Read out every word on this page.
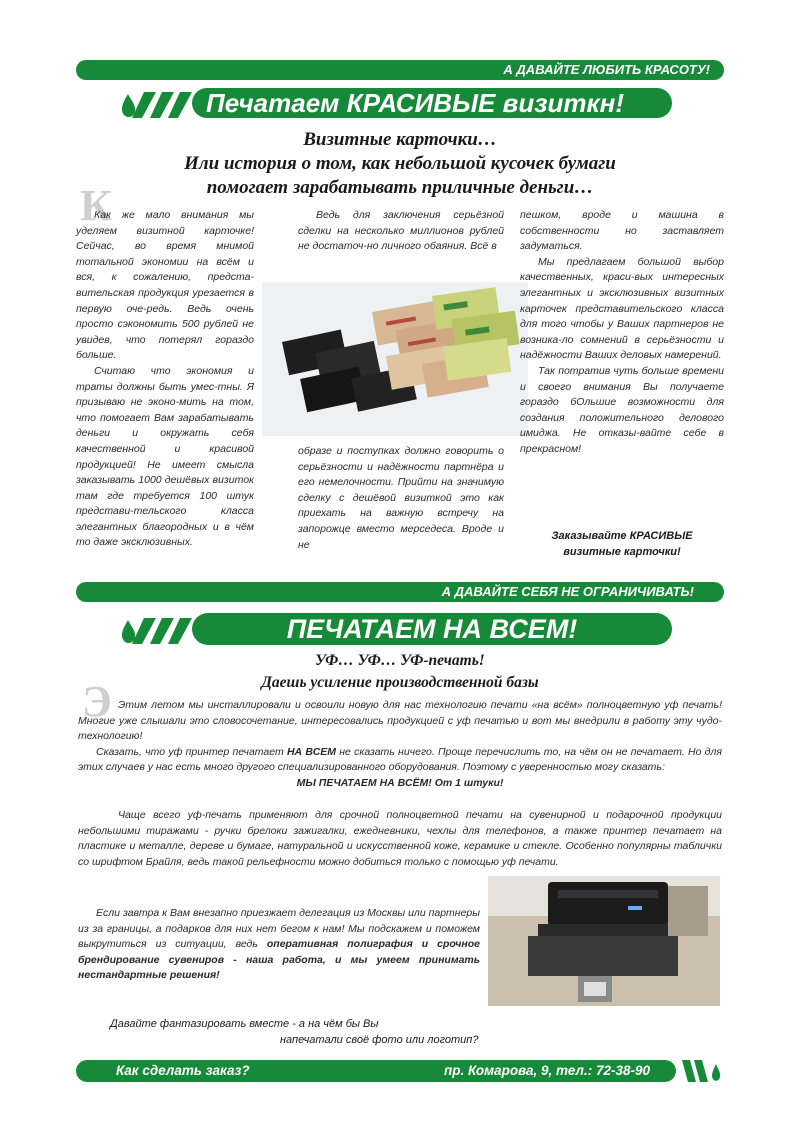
А ДАВАЙТЕ ЛЮБИТЬ КРАСОТУ!
Печатаем КРАСИВЫЕ визиткн!
Визитные карточки…
Или история о том, как небольшой кусочек бумаги
помогает зарабатывать приличные деньги…
К

Как же мало внимания мы уделяем визитной карточке! Сейчас, во время мнимой тотальной экономии на всём и вся, к сожалению, предста-вительская продукция урезается в первую оче-редь. Ведь очень просто сэкономить 500 рублей не увидев, что потерял гораздо больше.

Считаю что экономия и траты должны быть умес-тны. Я призываю не эконо-мить на том, что помогает Вам зарабатывать деньги и окружать себя качественной и красивой продукцией! Не имеет смысла заказывать 1000 дешёвых визиток там где требуется 100 штук представи-тельского класса элегантных благородных и в чём то даже эксклюзивных.

Ведь для заключения серьёзной сделки на несколько миллионов рублей не достаточ-но личного обаяния. Всё в

образе и поступках должно говорить о серьёзности и надёжности партнёра и его немелочности. Прийти на значимую сделку с дешёвой визиткой это как приехать на важную встречу на запорожце вместо мерседеса. Вроде и не

пешком, вроде и машина в собственности но заставляет задуматься.

Мы предлагаем большой выбор качественных, краси-вых интересных элегантных и эксклюзивных визитных карточек представительского класса для того чтобы у Ваших партнеров не возника-ло сомнений в серьёзности и надёжности Ваших деловых намерений.

Так потратив чуть больше времени и своего внимания Вы получаете гораздо бОльшие возможности для создания положительного делового имиджа. Не отказы-вайте себе в прекрасном!

Заказывайте КРАСИВЫЕ
визитные карточки!
А ДАВАЙТЕ СЕБЯ НЕ ОГРАНИЧИВАТЬ!
ПЕЧАТАЕМ НА ВСЕМ!
УФ… УФ… УФ-печать!
Даешь усиление производственной базы
Э Этим летом мы инсталлировали и освоили новую для нас технологию печати «на всём» полноцветную уф печать! Многие уже слышали это словосочетание, интересовались продукцией с уф печатью и вот мы внедрили в работу эту чудо-технологию!

Сказать, что уф принтер печатает НА ВСЕМ не сказать ничего. Проще перечислить то, на чём он не печатает. Но для этих случаев у нас есть много другого специализированного оборудования. Поэтому с уверенностью могу сказать:

МЫ ПЕЧАТАЕМ НА ВСЁМ! От 1 штуки!

Чаще всего уф-печать применяют для срочной полноцветной печати на сувенирной и подарочной продукции небольшими тиражами - ручки брелоки зажигалки, ежедневники, чехлы для телефонов, а также принтер печатает на пластике и металле, дереве и бумаге, натуральной и искусственной коже, керамике и стекле. Особенно популярны таблички со шрифтом Брайля, ведь такой рельефности можно добиться только с помощью уф печати.

Если завтра к Вам внезапно приезжает делегация из Москвы или партнеры из за границы, а подарков для них нет бегом к нам! Мы подскажем и поможем выкрутиться из ситуации, ведь оперативная полиграфия и срочное брендирование сувениров - наша работа, и мы умеем принимать нестандартные решения!

Давайте фантазировать вместе - а на чём бы Вы
напечатали своё фото или логотип?
Как сделать заказ?	пр. Комарова, 9, тел.: 72-38-90
